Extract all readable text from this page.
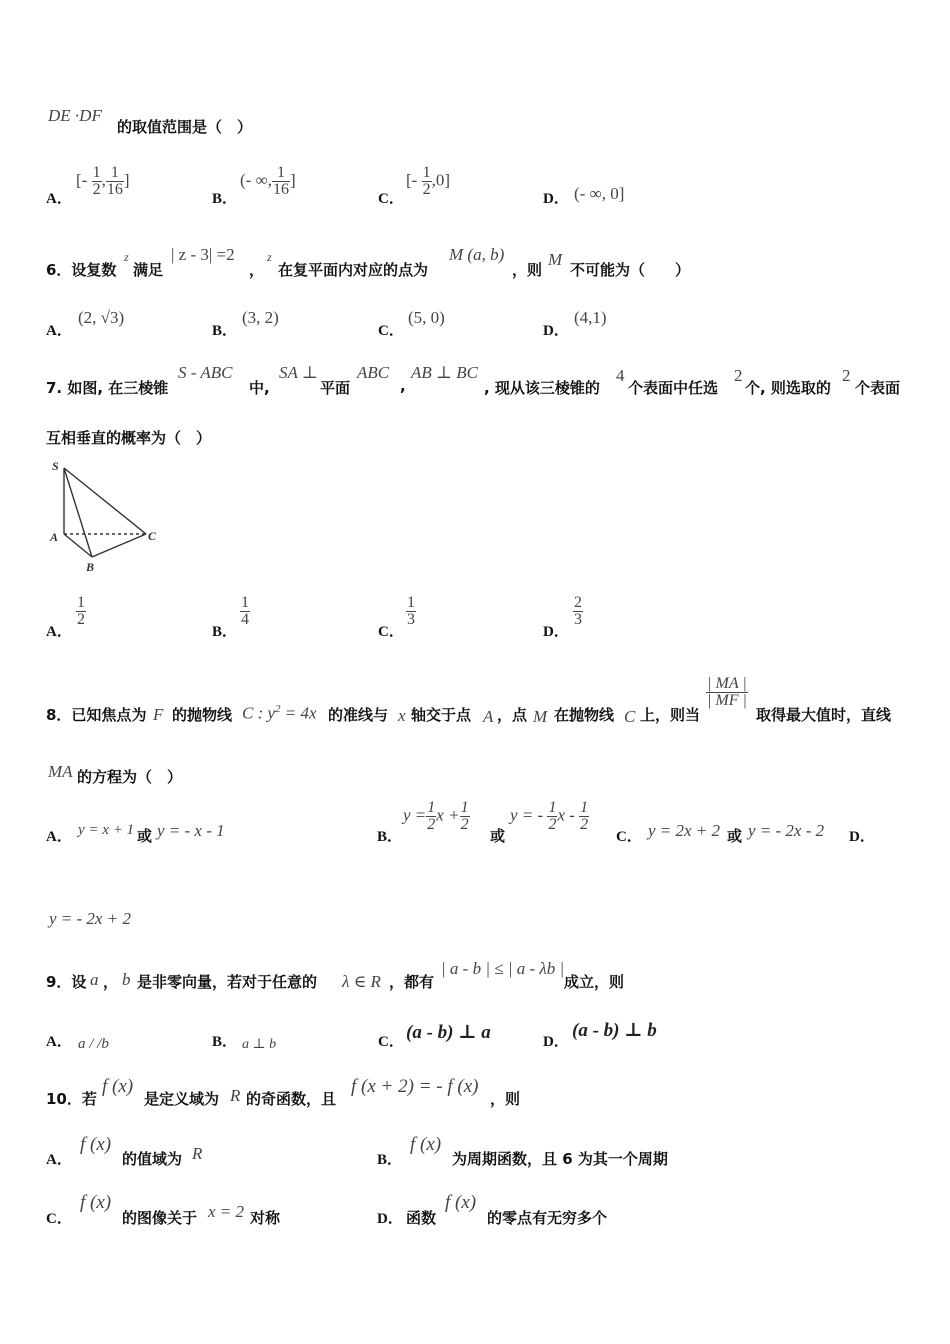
DE ·DF
的取值范围是（　）
A．
[- $\frac{1}{2}$ , $\frac{1}{16}$ ]
B．
(- ∞, $\frac{1}{16}$ ]
C．
[- $\frac{1}{2} ,0$]
D． (- ∞, 0]
6．设复数
z
满足
| z - 3| =2
，
z
在复平面内对应的点为
M (a, b)
，则
M
不可能为（　　）
A．
(2, √3)
B．
(3, 2)
C．
(5, 0)
D．
(4,1)
7. 如图, 在三棱锥
S - ABC
中,
SA ⊥
平面
ABC
,
AB ⊥ BC
, 现从该三棱锥的
4
个表面中任选
2
个, 则选取的
2
个表面
互相垂直的概率为（　）
S
A
B
C
A．
$\frac{1}{2}$
B．
$\frac{1}{4}$
C．
$\frac{1}{3}$
D．
$\frac{2}{3}$
8．已知焦点为 F 的抛物线 C : $y^2 = 4x$ 的准线与 x 轴交于点 A ，点 M 在抛物线 C 上，则当
$\frac{| MA |}{| MF |}$
取得最大值时，直线
MA 的方程为（　）
A． y = x + 1 或 y = - x - 1	B．
$y = \frac{1}{2}$ $x + \frac{1}{2}$
或
y = - $\frac{1}{2}$ x - $\frac{1}{2}$
C． y = 2x + 2 或 y = - 2x - 2 D．
y = - 2x + 2
9．设 a ， b 是非零向量，若对于任意的 λ ∈ R ，都有
| a - b | ≤ | a - λb |
成立，则
A． a / /b	B． a ⊥ b	C． (a - b) ⊥ a	D．
(a - b) ⊥ b
10．若
f (x)
是定义域为 R 的奇函数，且
f (x + 2) = - f (x)
，则
A．
f (x)
的值域为 R	B．
f (x)
为周期函数，且 6 为其一个周期
C．
f (x)
的图像关于 x = 2 对称	D． 函数
f (x)
的零点有无穷多个
